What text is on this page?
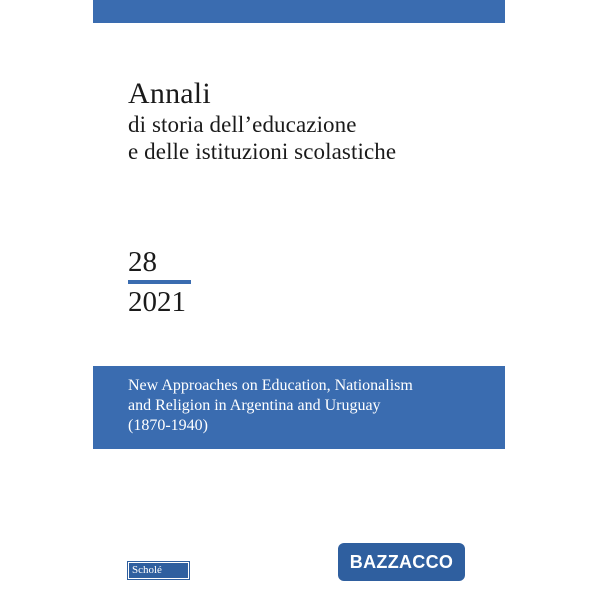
Annali
di storia dell’educazione
e delle istituzioni scolastiche
28
2021
New Approaches on Education, Nationalism
and Religion in Argentina and Uruguay
(1870-1940)
Scholé	BAZZACCO
